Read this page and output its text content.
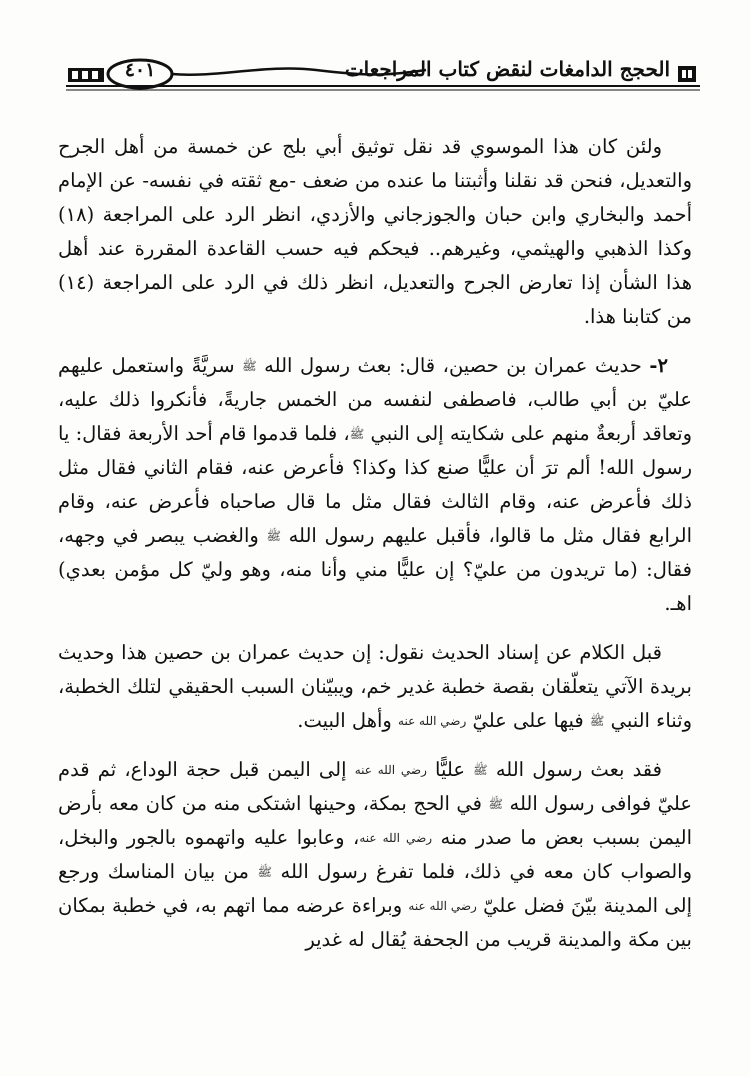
الحجج الدامغات لنقض كتاب المراجعات
٤٠١

ولئن كان هذا الموسوي قد نقل توثيق أبي بلج عن خمسة من أهل الجرح والتعديل، فنحن قد نقلنا وأثبتنا ما عنده من ضعف -مع ثقته في نفسه- عن الإمام أحمد والبخاري وابن حبان والجوزجاني والأزدي، انظر الرد على المراجعة (١٨) وكذا الذهبي والهيثمي، وغيرهم.. فيحكم فيه حسب القاعدة المقررة عند أهل هذا الشأن إذا تعارض الجرح والتعديل، انظر ذلك في الرد على المراجعة (١٤) من كتابنا هذا.

٢- حديث عمران بن حصين، قال: بعث رسول الله ﷺ سريَّةً واستعمل عليهم عليّ بن أبي طالب، فاصطفى لنفسه من الخمس جاريةً، فأنكروا ذلك عليه، وتعاقد أربعةٌ منهم على شكايته إلى النبي ﷺ، فلما قدموا قام أحد الأربعة فقال: يا رسول الله! ألم ترَ أن عليًّا صنع كذا وكذا؟ فأعرض عنه، فقام الثاني فقال مثل ذلك فأعرض عنه، وقام الثالث فقال مثل ما قال صاحباه فأعرض عنه، وقام الرابع فقال مثل ما قالوا، فأقبل عليهم رسول الله ﷺ والغضب يبصر في وجهه، فقال: (ما تريدون من عليّ؟ إن عليًّا مني وأنا منه، وهو وليّ كل مؤمن بعدي) اهـ.

قبل الكلام عن إسناد الحديث نقول: إن حديث عمران بن حصين هذا وحديث بريدة الآتي يتعلّقان بقصة خطبة غدير خم، ويبيّنان السبب الحقيقي لتلك الخطبة، وثناء النبي ﷺ فيها على عليّ رضي الله عنه وأهل البيت.

فقد بعث رسول الله ﷺ عليًّا رضي الله عنه إلى اليمن قبل حجة الوداع، ثم قدم عليّ فوافى رسول الله ﷺ في الحج بمكة، وحينها اشتكى منه من كان معه بأرض اليمن بسبب بعض ما صدر منه رضي الله عنه، وعابوا عليه واتهموه بالجور والبخل، والصواب كان معه في ذلك، فلما تفرغ رسول الله ﷺ من بيان المناسك ورجع إلى المدينة بيّنَ فضل عليّ رضي الله عنه وبراءة عرضه مما اتهم به، في خطبة بمكان بين مكة والمدينة قريب من الجحفة يُقال له غدير
